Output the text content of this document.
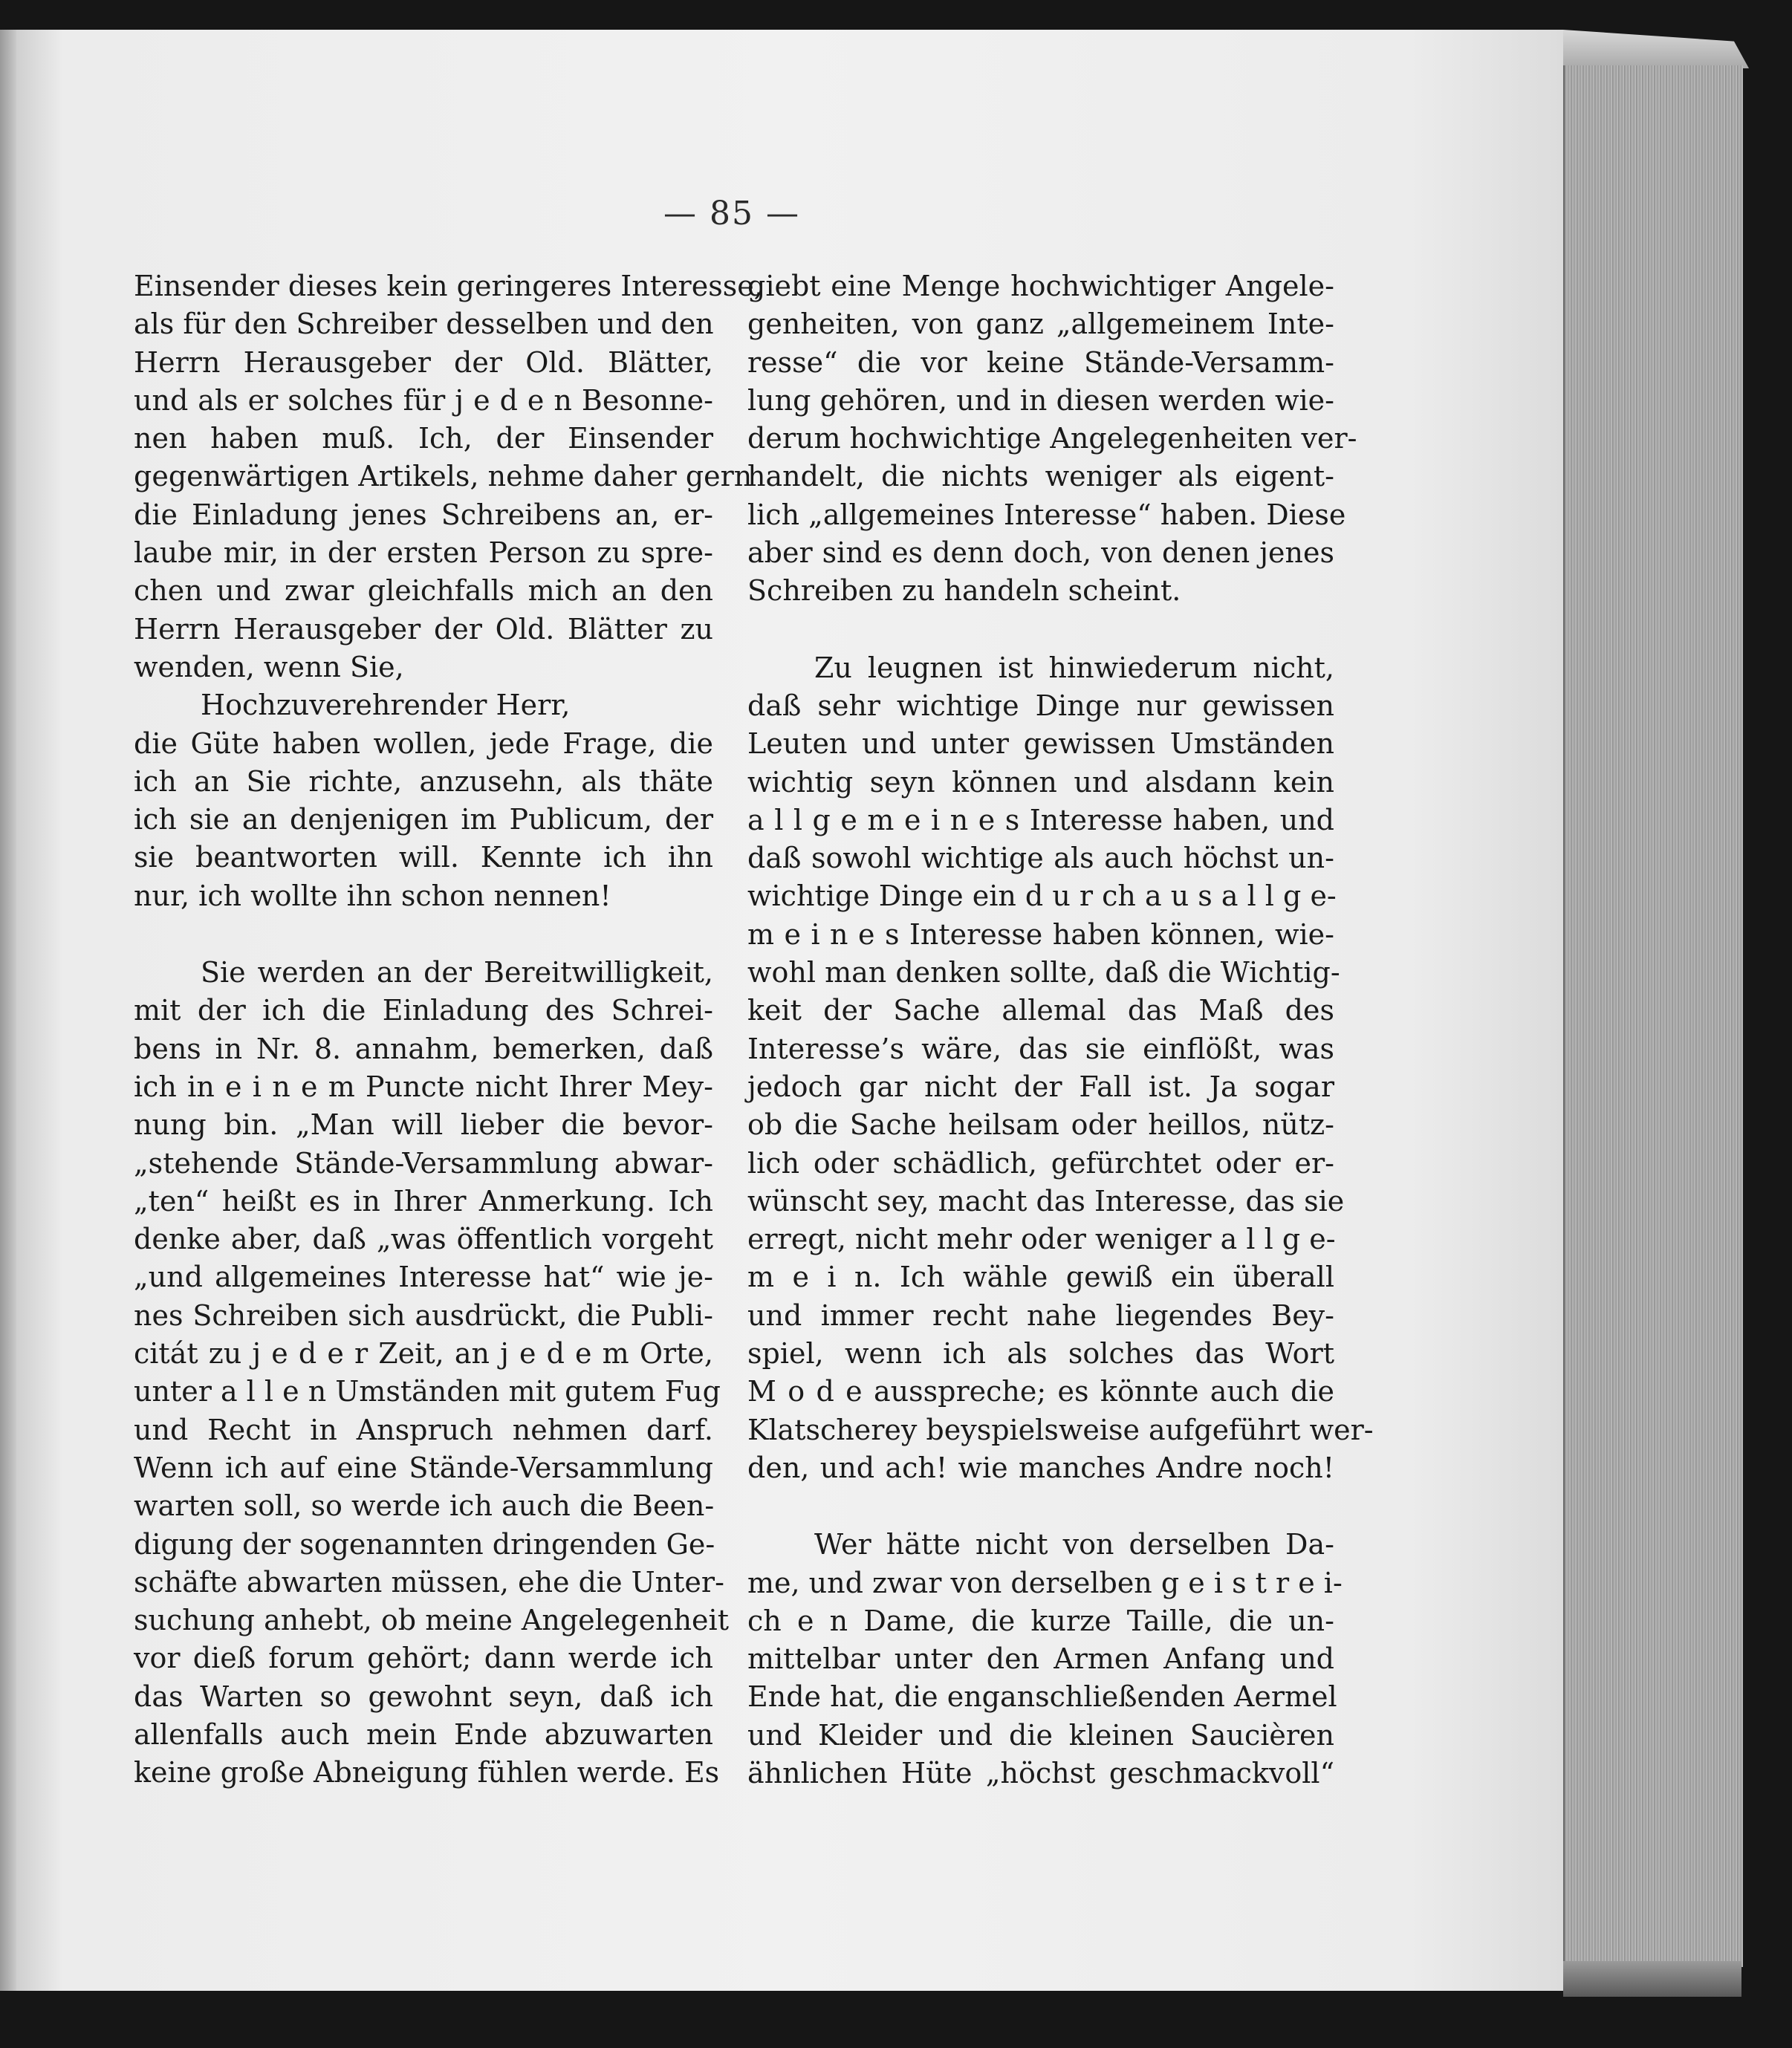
— 85 —
Einsender dieses kein geringeres Interesse,
als für den Schreiber desselben und den
Herrn Herausgeber der Old. Blätter,
und als er solches für j e d e n Besonne-
nen haben muß. Ich, der Einsender
gegenwärtigen Artikels, nehme daher gern
die Einladung jenes Schreibens an, er-
laube mir, in der ersten Person zu spre-
chen und zwar gleichfalls mich an den
Herrn Herausgeber der Old. Blätter zu
wenden, wenn Sie,
Hochzuverehrender Herr,
die Güte haben wollen, jede Frage, die
ich an Sie richte, anzusehn, als thäte
ich sie an denjenigen im Publicum, der
sie beantworten will. Kennte ich ihn
nur, ich wollte ihn schon nennen!
Sie werden an der Bereitwilligkeit,
mit der ich die Einladung des Schrei-
bens in Nr. 8. annahm, bemerken, daß
ich in e i n e m Puncte nicht Ihrer Mey-
nung bin. „Man will lieber die bevor-
„stehende Stände-Versammlung abwar-
„ten“ heißt es in Ihrer Anmerkung. Ich
denke aber, daß „was öffentlich vorgeht
„und allgemeines Interesse hat“ wie je-
nes Schreiben sich ausdrückt, die Publi-
citát zu j e d e r Zeit, an j e d e m Orte,
unter a l l e n Umständen mit gutem Fug
und Recht in Anspruch nehmen darf.
Wenn ich auf eine Stände-Versammlung
warten soll, so werde ich auch die Been-
digung der sogenannten dringenden Ge-
schäfte abwarten müssen, ehe die Unter-
suchung anhebt, ob meine Angelegenheit
vor dieß forum gehört; dann werde ich
das Warten so gewohnt seyn, daß ich
allenfalls auch mein Ende abzuwarten
keine große Abneigung fühlen werde. Es
giebt eine Menge hochwichtiger Angele-
genheiten, von ganz „allgemeinem Inte-
resse“ die vor keine Stände-Versamm-
lung gehören, und in diesen werden wie-
derum hochwichtige Angelegenheiten ver-
handelt, die nichts weniger als eigent-
lich „allgemeines Interesse“ haben. Diese
aber sind es denn doch, von denen jenes
Schreiben zu handeln scheint.
Zu leugnen ist hinwiederum nicht,
daß sehr wichtige Dinge nur gewissen
Leuten und unter gewissen Umständen
wichtig seyn können und alsdann kein
a l l g e m e i n e s Interesse haben, und
daß sowohl wichtige als auch höchst un-
wichtige Dinge ein d u r ch a u s a l l g e-
m e i n e s Interesse haben können, wie-
wohl man denken sollte, daß die Wichtig-
keit der Sache allemal das Maß des
Interesse’s wäre, das sie einflößt, was
jedoch gar nicht der Fall ist. Ja sogar
ob die Sache heilsam oder heillos, nütz-
lich oder schädlich, gefürchtet oder er-
wünscht sey, macht das Interesse, das sie
erregt, nicht mehr oder weniger a l l g e-
m e i n. Ich wähle gewiß ein überall
und immer recht nahe liegendes Bey-
spiel, wenn ich als solches das Wort
M o d e ausspreche; es könnte auch die
Klatscherey beyspielsweise aufgeführt wer-
den, und ach! wie manches Andre noch!
Wer hätte nicht von derselben Da-
me, und zwar von derselben g e i s t r e i-
ch e n Dame, die kurze Taille, die un-
mittelbar unter den Armen Anfang und
Ende hat, die enganschließenden Aermel
und Kleider und die kleinen Saucièren
ähnlichen Hüte „höchst geschmackvoll“
